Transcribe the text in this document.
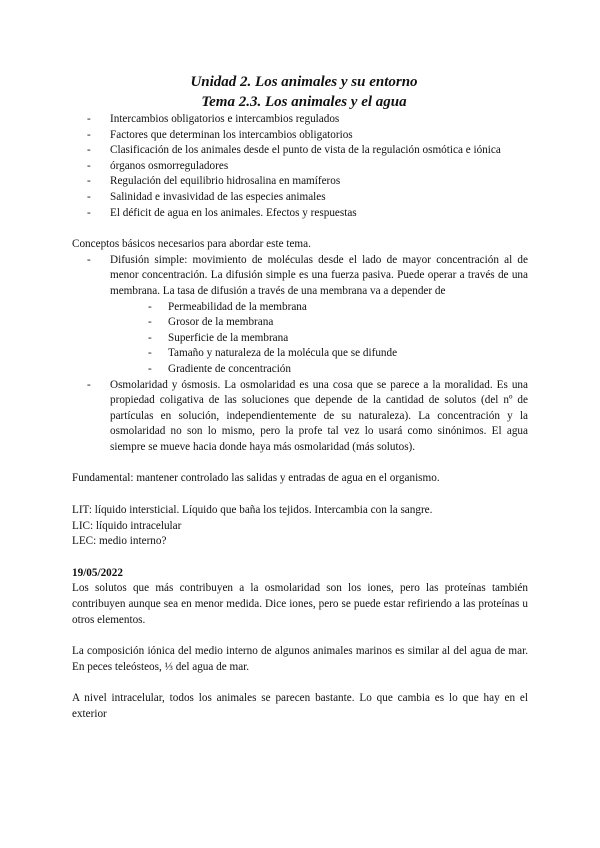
Unidad 2. Los animales y su entorno
Tema 2.3. Los animales y el agua
- Intercambios obligatorios e intercambios regulados
- Factores que determinan los intercambios obligatorios
- Clasificación de los animales desde el punto de vista de la regulación osmótica e iónica
- órganos osmorreguladores
- Regulación del equilibrio hidrosalina en mamíferos
- Salinidad e invasividad de las especies animales
- El déficit de agua en los animales. Efectos y respuestas

Conceptos básicos necesarios para abordar este tema.

- Difusión simple: movimiento de moléculas desde el lado de mayor concentración al de menor concentración. La difusión simple es una fuerza pasiva. Puede operar a través de una membrana. La tasa de difusión a través de una membrana va a depender de
- Permeabilidad de la membrana
- Grosor de la membrana
- Superficie de la membrana
- Tamaño y naturaleza de la molécula que se difunde
- Gradiente de concentración
- Osmolaridad y ósmosis. La osmolaridad es una cosa que se parece a la moralidad. Es una propiedad coligativa de las soluciones que depende de la cantidad de solutos (del nº de partículas en solución, independientemente de su naturaleza). La concentración y la osmolaridad no son lo mismo, pero la profe tal vez lo usará como sinónimos. El agua siempre se mueve hacia donde haya más osmolaridad (más solutos).

Fundamental: mantener controlado las salidas y entradas de agua en el organismo.

LIT: líquido intersticial. Líquido que baña los tejidos. Intercambia con la sangre.

LIC: líquido intracelular

LEC: medio interno?

19/05/2022

Los solutos que más contribuyen a la osmolaridad son los iones, pero las proteínas también contribuyen aunque sea en menor medida. Dice iones, pero se puede estar refiriendo a las proteínas u otros elementos.

La composición iónica del medio interno de algunos animales marinos es similar al del agua de mar. En peces teleósteos, ⅓ del agua de mar.

A nivel intracelular, todos los animales se parecen bastante. Lo que cambia es lo que hay en el exterior
